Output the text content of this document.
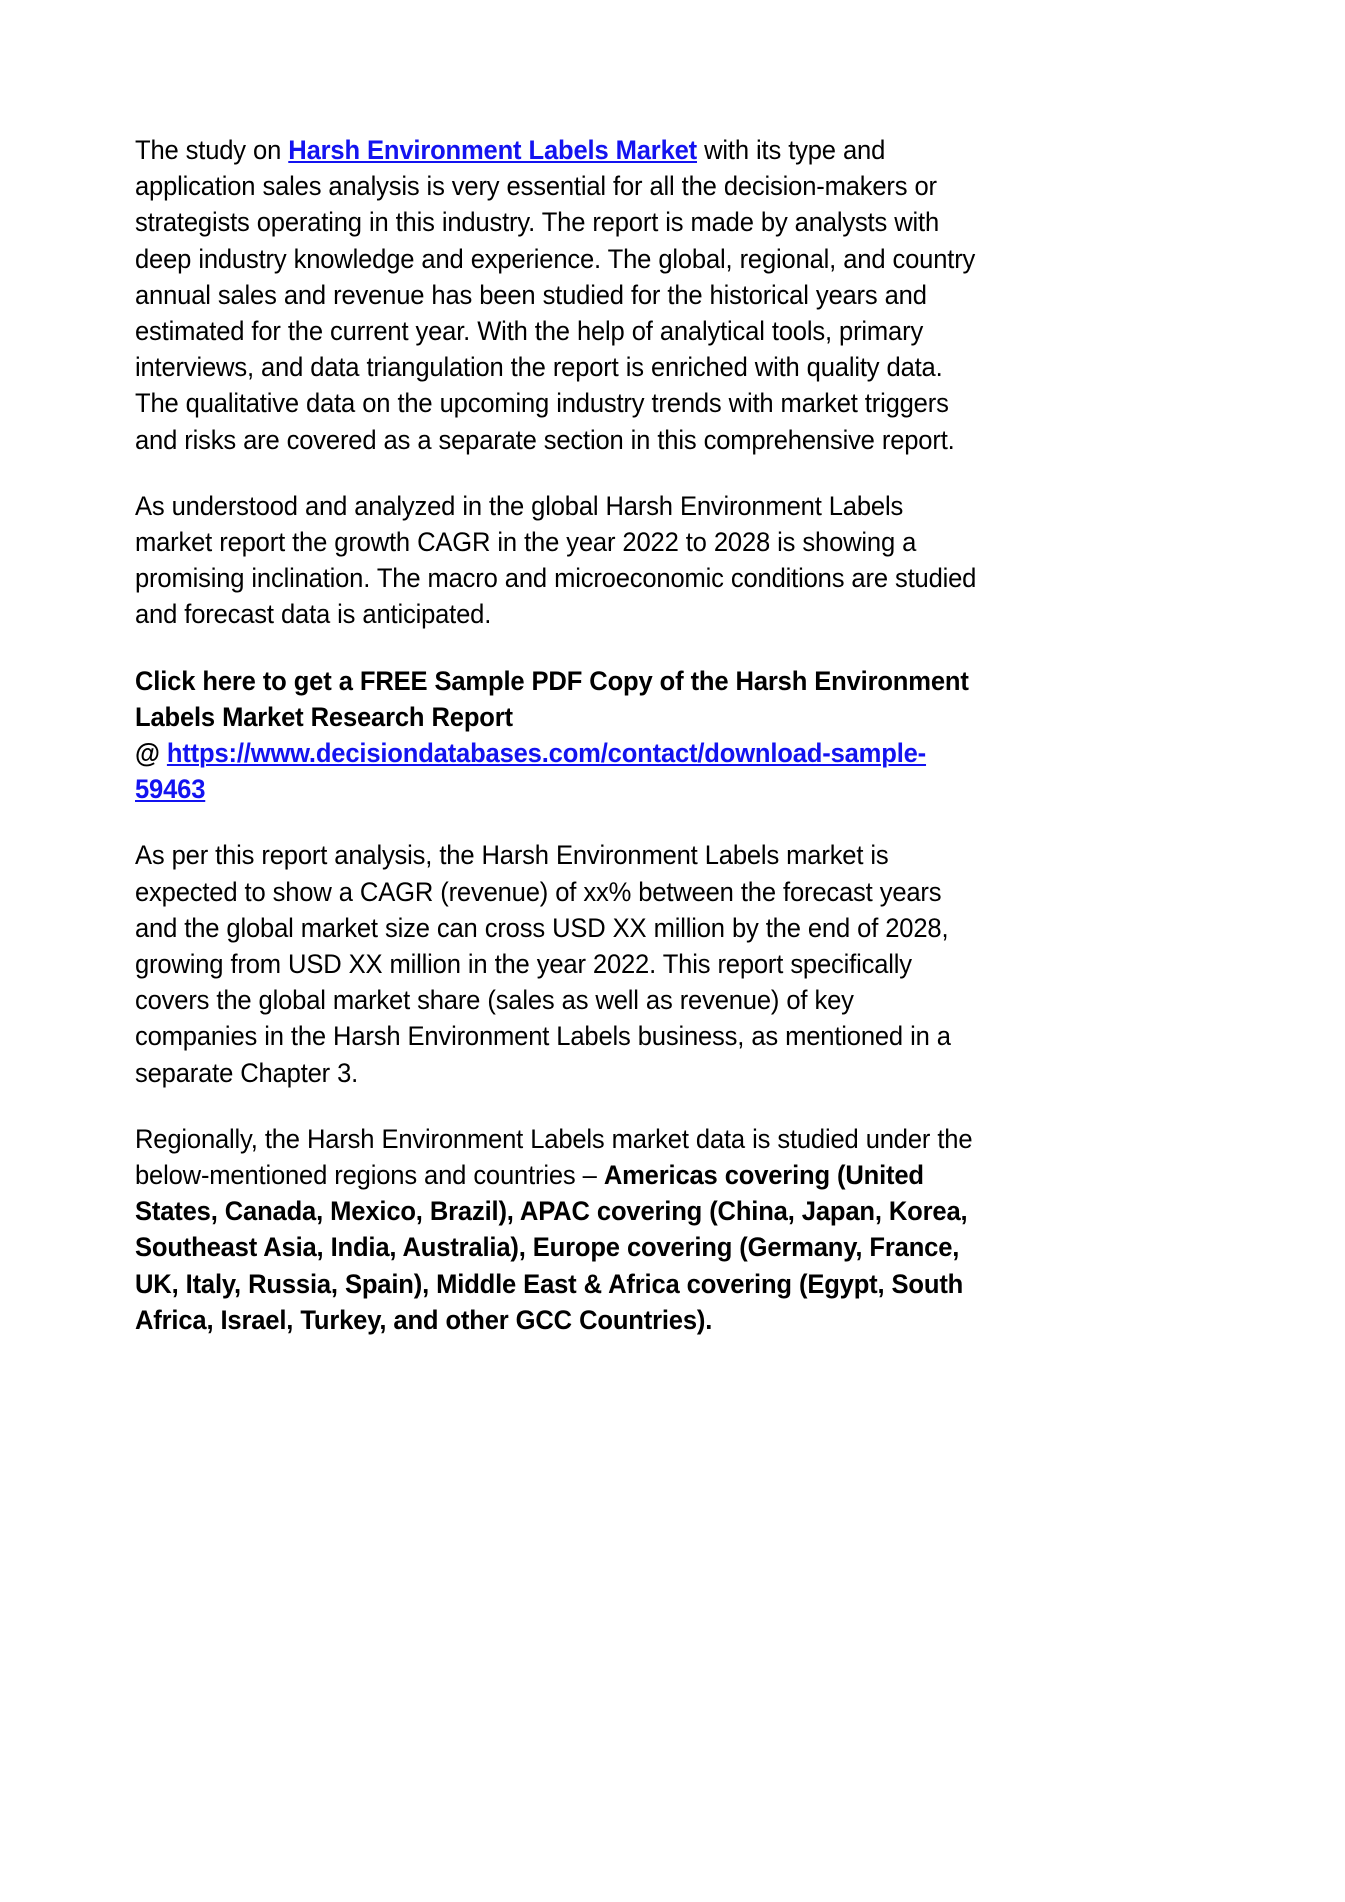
The study on Harsh Environment Labels Market with its type and application sales analysis is very essential for all the decision-makers or strategists operating in this industry. The report is made by analysts with deep industry knowledge and experience. The global, regional, and country annual sales and revenue has been studied for the historical years and estimated for the current year. With the help of analytical tools, primary interviews, and data triangulation the report is enriched with quality data. The qualitative data on the upcoming industry trends with market triggers and risks are covered as a separate section in this comprehensive report.

As understood and analyzed in the global Harsh Environment Labels market report the growth CAGR in the year 2022 to 2028 is showing a promising inclination. The macro and microeconomic conditions are studied and forecast data is anticipated.

Click here to get a FREE Sample PDF Copy of the Harsh Environment Labels Market Research Report
@ https://www.decisiondatabases.com/contact/download-sample-59463

As per this report analysis, the Harsh Environment Labels market is expected to show a CAGR (revenue) of xx% between the forecast years and the global market size can cross USD XX million by the end of 2028, growing from USD XX million in the year 2022. This report specifically covers the global market share (sales as well as revenue) of key companies in the Harsh Environment Labels business, as mentioned in a separate Chapter 3.

Regionally, the Harsh Environment Labels market data is studied under the below-mentioned regions and countries – Americas covering (United States, Canada, Mexico, Brazil), APAC covering (China, Japan, Korea, Southeast Asia, India, Australia), Europe covering (Germany, France, UK, Italy, Russia, Spain), Middle East & Africa covering (Egypt, South Africa, Israel, Turkey, and other GCC Countries).
